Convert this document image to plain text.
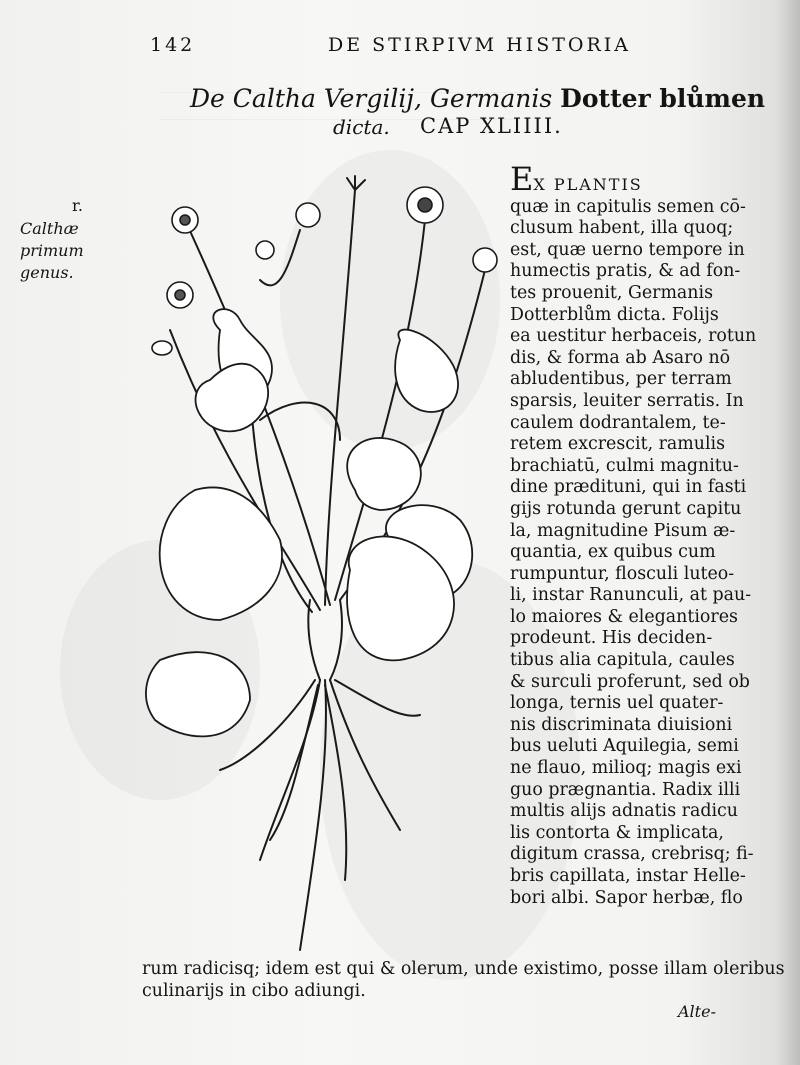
142	DE STIRPIVM HISTORIA
De Caltha Vergilij, Germanis Dotter blůmen
dicta. CAP XLIIII.
r.
Calthæ primum genus.
EX PLANTIS
quæ in capitulis semen cō-
clusum habent, illa quoq;
est, quæ uerno tempore in
humectis pratis, & ad fon-
tes prouenit, Germanis
Dotterblům dicta. Folijs
ea uestitur herbaceis, rotun
dis, & forma ab Asaro nō
abludentibus, per terram
sparsis, leuiter serratis. In
caulem dodrantalem, te-
retem excrescit, ramulis
brachiatū, culmi magnitu-
dine prædituni, qui in fasti
gijs rotunda gerunt capitu
la, magnitudine Pisum æ-
quantia, ex quibus cum
rumpuntur, flosculi luteo-
li, instar Ranunculi, at pau-
lo maiores & elegantiores
prodeunt. His deciden-
tibus alia capitula, caules
& surculi proferunt, sed ob
longa, ternis uel quater-
nis discriminata diuisioni
bus ueluti Aquilegia, semi
ne flauo, milioq; magis exi
guo prægnantia. Radix illi
multis alijs adnatis radicu
lis contorta & implicata,
digitum crassa, crebrisq; fi-
bris capillata, instar Helle-
bori albi. Sapor herbæ, flo
rum radicisq; idem est qui & olerum, unde existimo, posse illam oleribus
culinarijs in cibo adiungi.
Alte-
